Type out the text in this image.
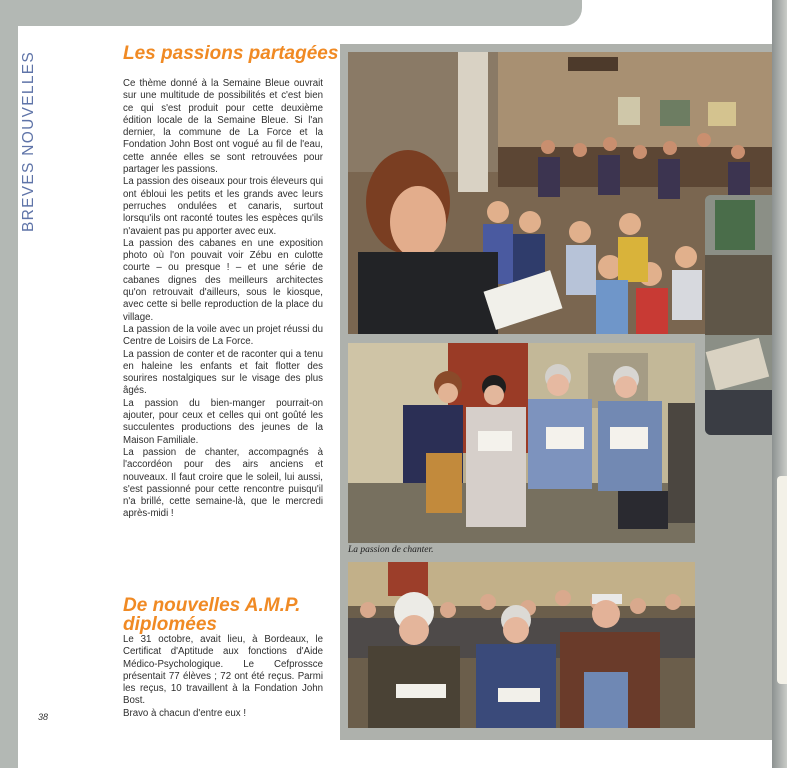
BREVES NOUVELLES	Les passions partagées

Ce thème donné à la Semaine Bleue ouvrait sur une multitude de possibilités et c'est bien ce qui s'est produit pour cette deuxième édition locale de la Semaine Bleue. Si l'an dernier, la commune de La Force et la Fondation John Bost ont vogué au fil de l'eau, cette année elles se sont retrouvées pour partager les passions.

La passion des oiseaux pour trois éleveurs qui ont ébloui les petits et les grands avec leurs perruches ondulées et canaris, surtout lorsqu'ils ont raconté toutes les espèces qu'ils n'avaient pas pu apporter avec eux.

La passion des cabanes en une exposition photo où l'on pouvait voir Zébu en culotte courte – ou presque ! – et une série de cabanes dignes des meilleurs architectes qu'on retrouvait d'ailleurs, sous le kiosque, avec cette si belle reproduction de la place du village.

La passion de la voile avec un projet réussi du Centre de Loisirs de La Force.

La passion de conter et de raconter qui a tenu en haleine les enfants et fait flotter des sourires nostalgiques sur le visage des plus âgés.

La passion du bien-manger pourrait-on ajouter, pour ceux et celles qui ont goûté les succulentes productions des jeunes de la Maison Familiale.

La passion de chanter, accompagnés à l'accordéon pour des airs anciens et nouveaux. Il faut croire que le soleil, lui aussi, s'est passionné pour cette rencontre puisqu'il n'a brillé, cette semaine-là, que le mercredi après-midi !

De nouvelles A.M.P. diplomées

Le 31 octobre, avait lieu, à Bordeaux, le Certificat d'Aptitude aux fonctions d'Aide Médico-Psychologique. Le Cefprossce présentait 77 élèves ; 72 ont été reçus. Parmi les reçus, 10 travaillent à la Fondation John Bost.

Bravo à chacun d'entre eux !

38
La passion de chanter.
